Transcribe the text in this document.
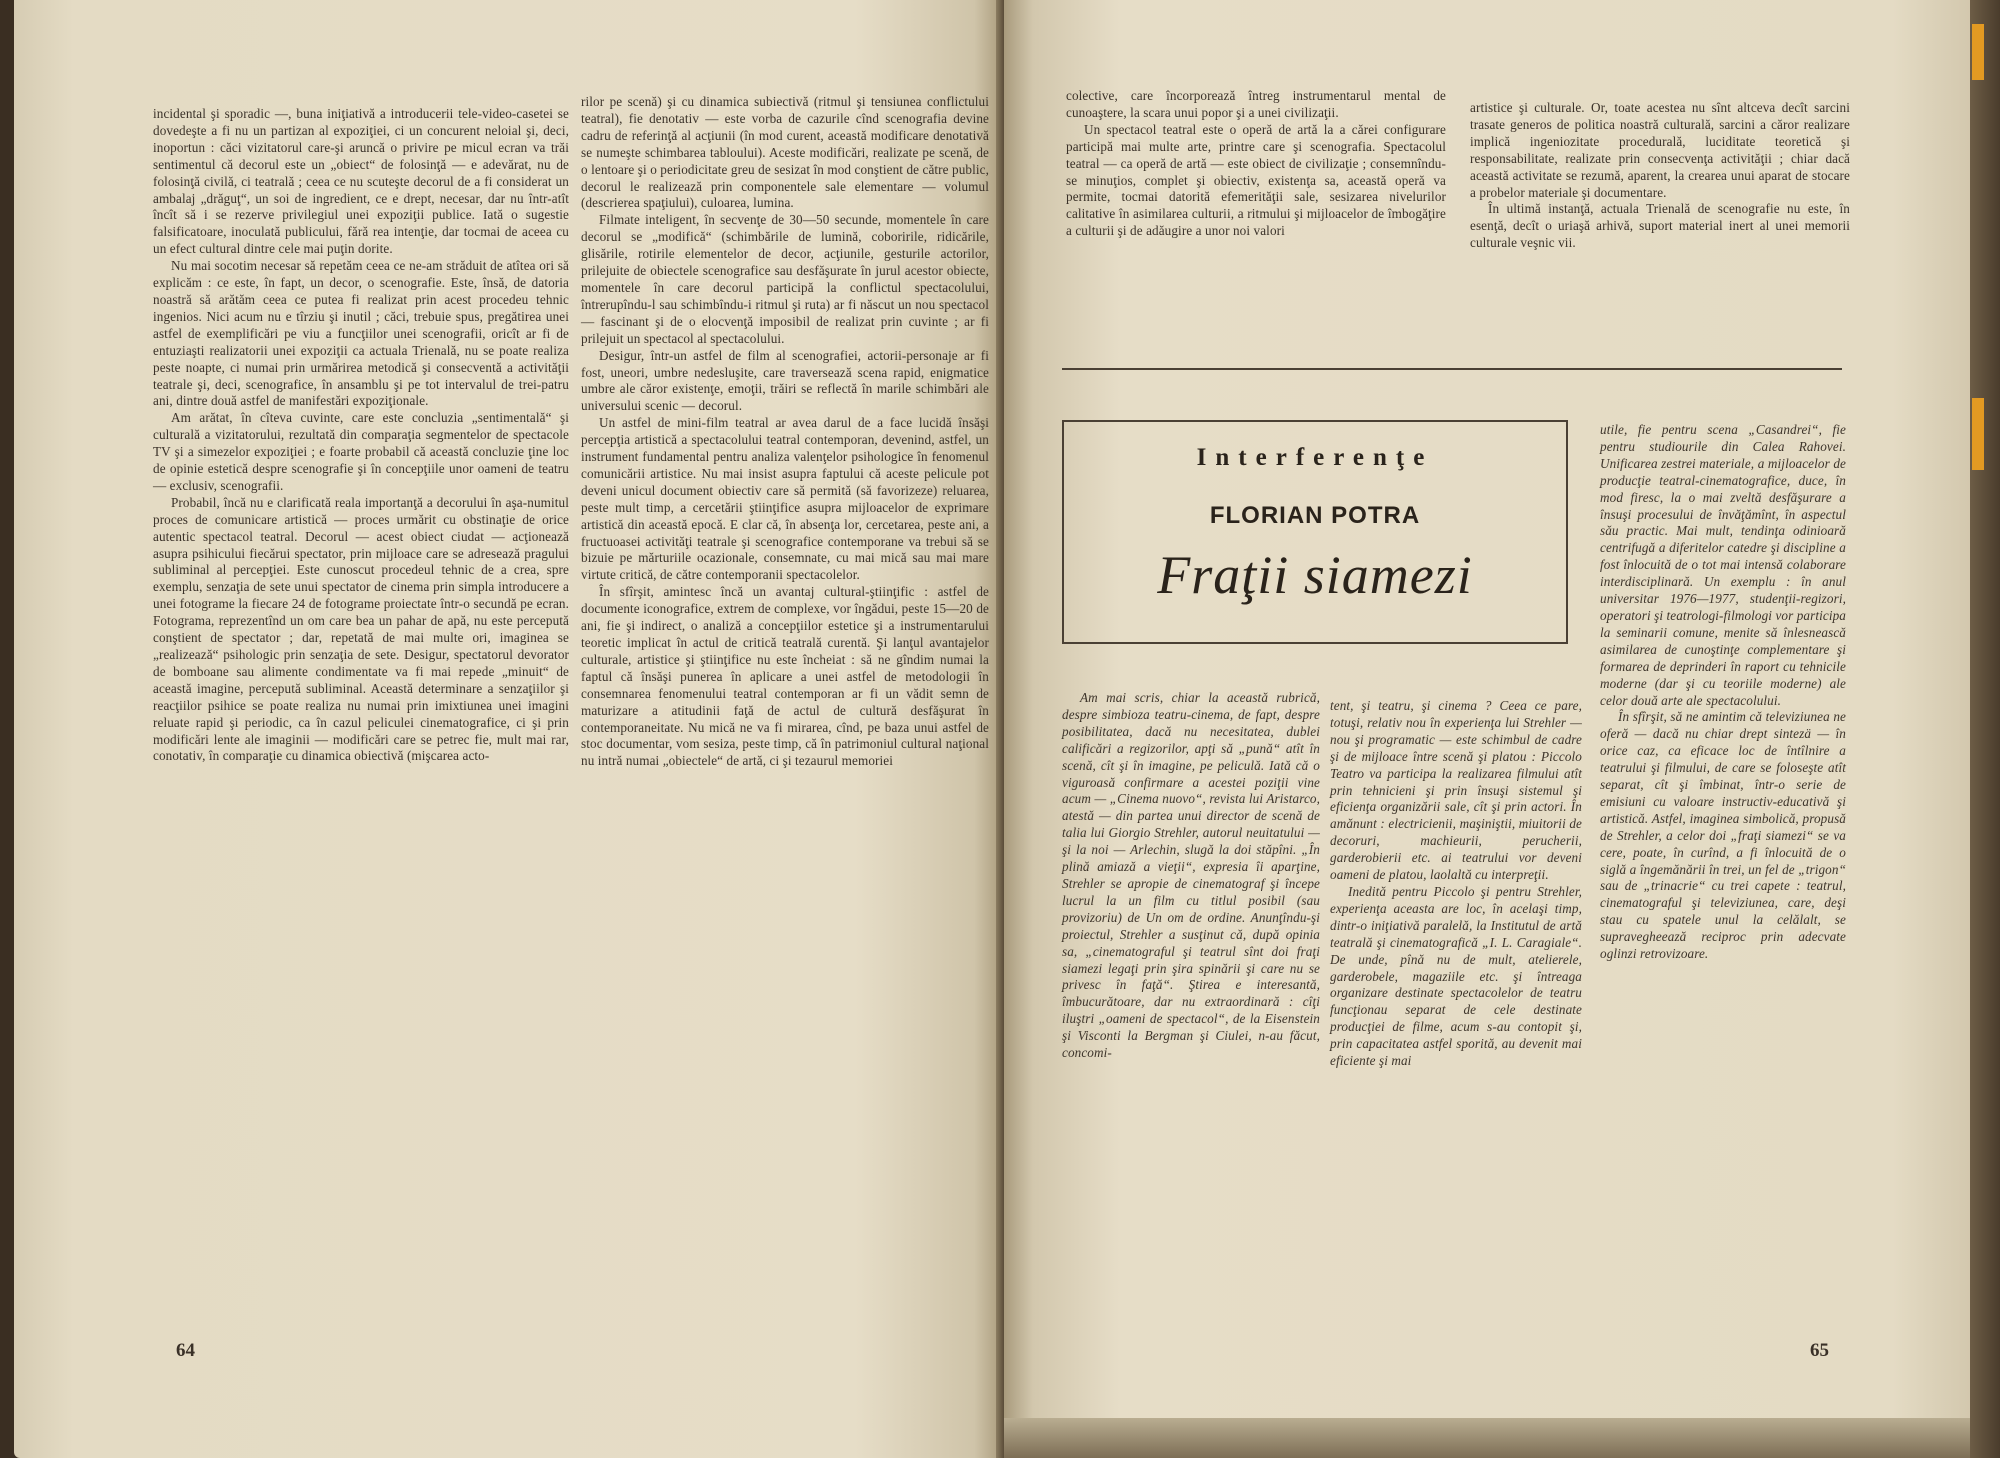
incidental şi sporadic —, buna iniţiativă a introducerii tele-video-casetei se dovedeşte a fi nu un partizan al expoziţiei, ci un concurent neloial şi, deci, inoportun : căci vizitatorul care-şi aruncă o privire pe micul ecran va trăi sentimentul că decorul este un „obiect“ de folosinţă — e adevărat, nu de folosinţă civilă, ci teatrală ; ceea ce nu scuteşte decorul de a fi considerat un ambalaj „drăguţ“, un soi de ingredient, ce e drept, necesar, dar nu într-atît încît să i se rezerve privilegiul unei expoziţii publice. Iată o sugestie falsificatoare, inoculată publicului, fără rea intenţie, dar tocmai de aceea cu un efect cultural dintre cele mai puţin dorite.

Nu mai socotim necesar să repetăm ceea ce ne-am străduit de atîtea ori să explicăm : ce este, în fapt, un decor, o scenografie. Este, însă, de datoria noastră să arătăm ceea ce putea fi realizat prin acest procedeu tehnic ingenios. Nici acum nu e tîrziu şi inutil ; căci, trebuie spus, pregătirea unei astfel de exemplificări pe viu a funcţiilor unei scenografii, oricît ar fi de entuziaşti realizatorii unei expoziţii ca actuala Trienală, nu se poate realiza peste noapte, ci numai prin urmărirea metodică şi consecventă a activităţii teatrale şi, deci, scenografice, în ansamblu şi pe tot intervalul de trei-patru ani, dintre două astfel de manifestări expoziţionale.

Am arătat, în cîteva cuvinte, care este concluzia „sentimentală“ şi culturală a vizitatorului, rezultată din comparaţia segmentelor de spectacole TV şi a simezelor expoziţiei ; e foarte probabil că această concluzie ţine loc de opinie estetică despre scenografie şi în concepţiile unor oameni de teatru — exclusiv, scenografii.

Probabil, încă nu e clarificată reala importanţă a decorului în aşa-numitul proces de comunicare artistică — proces urmărit cu obstinaţie de orice autentic spectacol teatral. Decorul — acest obiect ciudat — acţionează asupra psihicului fiecărui spectator, prin mijloace care se adresează pragului subliminal al percepţiei. Este cunoscut procedeul tehnic de a crea, spre exemplu, senzaţia de sete unui spectator de cinema prin simpla introducere a unei fotograme la fiecare 24 de fotograme proiectate într-o secundă pe ecran. Fotograma, reprezentînd un om care bea un pahar de apă, nu este percepută conştient de spectator ; dar, repetată de mai multe ori, imaginea se „realizează“ psihologic prin senzaţia de sete. Desigur, spectatorul devorator de bomboane sau alimente condimentate va fi mai repede „minuit“ de această imagine, percepută subliminal. Această determinare a senzaţiilor şi reacţiilor psihice se poate realiza nu numai prin imixtiunea unei imagini reluate rapid şi periodic, ca în cazul peliculei cinematografice, ci şi prin modificări lente ale imaginii — modificări care se petrec fie, mult mai rar, conotativ, în comparaţie cu dinamica obiectivă (mişcarea acto-

rilor pe scenă) şi cu dinamica subiectivă (ritmul şi tensiunea conflictului teatral), fie denotativ — este vorba de cazurile cînd scenografia devine cadru de referinţă al acţiunii (în mod curent, această modificare denotativă se numeşte schimbarea tabloului). Aceste modificări, realizate pe scenă, de o lentoare şi o periodicitate greu de sesizat în mod conştient de către public, decorul le realizează prin componentele sale elementare — volumul (descrierea spaţiului), culoarea, lumina.

Filmate inteligent, în secvenţe de 30—50 secunde, momentele în care decorul se „modifică“ (schimbările de lumină, coboririle, ridicările, glisările, rotirile elementelor de decor, acţiunile, gesturile actorilor, prilejuite de obiectele scenografice sau desfăşurate în jurul acestor obiecte, momentele în care decorul participă la conflictul spectacolului, întrerupîndu-l sau schimbîndu-i ritmul şi ruta) ar fi născut un nou spectacol — fascinant şi de o elocvenţă imposibil de realizat prin cuvinte ; ar fi prilejuit un spectacol al spectacolului.

Desigur, într-un astfel de film al scenografiei, actorii-personaje ar fi fost, uneori, umbre nedesluşite, care traversează scena rapid, enigmatice umbre ale căror existenţe, emoţii, trăiri se reflectă în marile schimbări ale universului scenic — decorul.

Un astfel de mini-film teatral ar avea darul de a face lucidă însăşi percepţia artistică a spectacolului teatral contemporan, devenind, astfel, un instrument fundamental pentru analiza valenţelor psihologice în fenomenul comunicării artistice. Nu mai insist asupra faptului că aceste pelicule pot deveni unicul document obiectiv care să permită (să favorizeze) reluarea, peste mult timp, a cercetării ştiinţifice asupra mijloacelor de exprimare artistică din această epocă. E clar că, în absenţa lor, cercetarea, peste ani, a fructuoasei activităţi teatrale şi scenografice contemporane va trebui să se bizuie pe mărturiile ocazionale, consemnate, cu mai mică sau mai mare virtute critică, de către contemporanii spectacolelor.

În sfîrşit, amintesc încă un avantaj cultural-ştiinţific : astfel de documente iconografice, extrem de complexe, vor îngădui, peste 15—20 de ani, fie şi indirect, o analiză a concepţiilor estetice şi a instrumentarului teoretic implicat în actul de critică teatrală curentă. Şi lanţul avantajelor culturale, artistice şi ştiinţifice nu este încheiat : să ne gîndim numai la faptul că însăşi punerea în aplicare a unei astfel de metodologii în consemnarea fenomenului teatral contemporan ar fi un vădit semn de maturizare a atitudinii faţă de actul de cultură desfăşurat în contemporaneitate. Nu mică ne va fi mirarea, cînd, pe baza unui astfel de stoc documentar, vom sesiza, peste timp, că în patrimoniul cultural naţional nu intră numai „obiectele“ de artă, ci şi tezaurul memoriei

64

colective, care încorporează întreg instrumentarul mental de cunoaştere, la scara unui popor şi a unei civilizaţii.

Un spectacol teatral este o operă de artă la a cărei configurare participă mai multe arte, printre care şi scenografia. Spectacolul teatral — ca operă de artă — este obiect de civilizaţie ; consemnîndu-se minuţios, complet şi obiectiv, existenţa sa, această operă va permite, tocmai datorită efemerităţii sale, sesizarea nivelurilor calitative în asimilarea culturii, a ritmului şi mijloacelor de îmbogăţire a culturii şi de adăugire a unor noi valori

artistice şi culturale. Or, toate acestea nu sînt altceva decît sarcini trasate generos de politica noastră culturală, sarcini a căror realizare implică ingeniozitate procedurală, luciditate teoretică şi responsabilitate, realizate prin consecvenţa activităţii ; chiar dacă această activitate se rezumă, aparent, la crearea unui aparat de stocare a probelor materiale şi documentare.

În ultimă instanţă, actuala Trienală de scenografie nu este, în esenţă, decît o uriaşă arhivă, suport material inert al unei memorii culturale veşnic vii.

utile, fie pentru scena „Casandrei“, fie pentru studiourile din Calea Rahovei. Unificarea zestrei materiale, a mijloacelor de producţie teatral-cinematografice, duce, în mod firesc, la o mai zveltă desfăşurare a însuşi procesului de învăţămînt, în aspectul său practic. Mai mult, tendinţa odinioară centrifugă a diferitelor catedre şi discipline a fost înlocuită de o tot mai intensă colaborare interdisciplinară. Un exemplu : în anul universitar 1976—1977, studenţii-regizori, operatori şi teatrologi-filmologi vor participa la seminarii comune, menite să înlesnească asimilarea de cunoştinţe complementare şi formarea de deprinderi în raport cu tehnicile moderne (dar şi cu teoriile moderne) ale celor două arte ale spectacolului.

În sfîrşit, să ne amintim că televiziunea ne oferă — dacă nu chiar drept sintezä — în orice caz, ca eficace loc de întîlnire a teatrului şi filmului, de care se foloseşte atît separat, cît şi îmbinat, într-o serie de emisiuni cu valoare instructiv-educativă şi artistică. Astfel, imaginea simbolică, propusă de Strehler, a celor doi „fraţi siamezi“ se va cere, poate, în curînd, a fi înlocuită de o siglă a îngemănării în trei, un fel de „trigon“ sau de „trinacrie“ cu trei capete : teatrul, cinematograful şi televiziunea, care, deşi stau cu spatele unul la celălalt, se supravegheează reciproc prin adecvate oglinzi retrovizoare.

Am mai scris, chiar la această rubrică, despre simbioza teatru-cinema, de fapt, despre posibilitatea, dacă nu necesitatea, dublei calificări a regizorilor, apţi să „pună“ atît în scenă, cît şi în imagine, pe peliculă. Iată că o viguroasă confirmare a acestei poziţii vine acum — „Cinema nuovo“, revista lui Aristarco, atestă — din partea unui director de scenă de talia lui Giorgio Strehler, autorul neuitatului — şi la noi — Arlechin, slugă la doi stăpîni. „În plină amiază a vieţii“, expresia îi aparţine, Strehler se apropie de cinematograf şi începe lucrul la un film cu titlul posibil (sau provizoriu) de Un om de ordine. Anunţîndu-şi proiectul, Strehler a susţinut că, după opinia sa, „cinematograful şi teatrul sînt doi fraţi siamezi legaţi prin şira spinării şi care nu se privesc în faţă“. Ştirea e interesantă, îmbucurătoare, dar nu extraordinară : cîţi iluştri „oameni de spectacol“, de la Eisenstein şi Visconti la Bergman şi Ciulei, n-au făcut, concomi-

tent, şi teatru, şi cinema ? Ceea ce pare, totuşi, relativ nou în experienţa lui Strehler — nou şi programatic — este schimbul de cadre şi de mijloace între scenă şi platou : Piccolo Teatro va participa la realizarea filmului atît prin tehnicieni şi prin însuşi sistemul şi eficienţa organizării sale, cît şi prin actori. În amănunt : electricienii, maşiniştii, miuitorii de decoruri, machieurii, perucherii, garderobierii etc. ai teatrului vor deveni oameni de platou, laolaltă cu interpreţii.

Inedită pentru Piccolo şi pentru Strehler, experienţa aceasta are loc, în acelaşi timp, dintr-o iniţiativă paralelă, la Institutul de artă teatrală şi cinematografică „I. L. Caragiale“. De unde, pînă nu de mult, atelierele, garderobele, magaziile etc. şi întreaga organizare destinate spectacolelor de teatru funcţionau separat de cele destinate producţiei de filme, acum s-au contopit şi, prin capacitatea astfel sporită, au devenit mai eficiente şi mai

65
Interferenţe
FLORIAN POTRA
Fraţii siamezi
